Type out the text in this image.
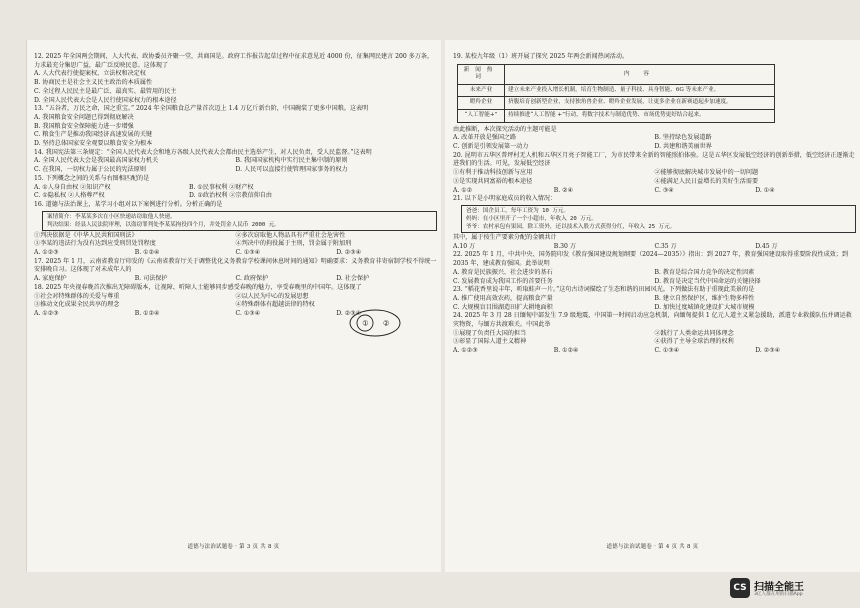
12. 2025 年全国两会期间，人大代表、政协委员齐聚一堂，共商国是。政府工作报告起草过程中征求意见近 4000 份，征集网民建言 200 多万条，力求最充分集思广益，最广泛反映民意。这体现了

A. 人大代表行使提案权、立法权和决定权

B. 协商民主是社会主义民主政治的本质属性

C. 全过程人民民主是最广泛、最真实、最管用的民主

D. 全国人民代表大会是人民行使国家权力的根本途径

13. “五谷者，万民之命，国之重宝。” 2024 年全国粮食总产量首次迈上 1.4 万亿斤新台阶，中国碗装了更多中国粮。这表明

A. 我国粮食安全问题已得到彻底解决

B. 我国粮食安全保障能力进一步增强

C. 粮食生产是推动我国经济高速发展的关键

D. 坚持总体国家安全观要以粮食安全为根本

14. 我国宪法第三条规定：“全国人民代表大会和地方各级人民代表大会都由民主选举产生，对人民负责，受人民监督。”这表明

A. 全国人民代表大会是我国最高国家权力机关	B. 我国国家机构中实行民主集中制的原则
C. 在我国，一切权力属于公民的宪法原则	D. 人民可以直接行使管理国家事务的权力

15. 下列概念之间的关系与右图相匹配的是

A. ①人身自由权 ②知识产权	B. ①民事权利 ②财产权
C. ①隐私权 ②人格尊严权	D. ①政治权利 ②宗教信仰自由

16. 道德与法治课上，某学习小组对以下案例进行分析。分析正确的是

案情简介：李某某多次在小区快递站窃取他人快递。
判决结果：经县人民法院审理，以盗窃罪判处李某某拘役四个月，并处罚金人民币 2000 元。
①判决依据是《中华人民共和国刑法》	②多次窃取他人物品具有严重社会危害性
③李某的违法行为没有达到应受刑罚处罚程度	④判决中的拘役属于主刑，罚金属于附加刑
A. ①②③	B. ①②④	C. ①③④	D. ②③④

17. 2025 年 1 月，云南省教育厅印发的《云南省教育厅关于调整优化义务教育学校课间休息时间的通知》明确要求：义务教育非寄宿制学校不得统一安排晚自习。这体现了对未成年人的

A. 家庭保护	B. 司法保护	C. 政府保护	D. 社会保护

18. 2025 年央视春晚首次推出无障碍版本，让视障、听障人士能够同步感受春晚的魅力，享受春晚里的中国年。这体现了

①社会对特殊群体的关爱与尊重	②以人民为中心的发展思想
③推动文化成果全民共享的理念	④特殊群体有超越法律的特权
A. ①②③	B. ①②④	C. ①③④	D. ②③④
① ②
道德与法治试题卷 · 第 3 页 共 8 页

19. 某校九年级（1）班开展了探究 2025 年两会新闻热词活动。

新闻热词	内 容
未来产业	建立未来产业投入增长机制，培育生物制造、量子科技、具身智能、6G 等未来产业。
瞪羚企业	挤腹培育创新型企业，支持独角兽企业、瞪羚企业发展，让更多企业在新赛道起步加速度。
“人工智能+”	持续推进“人工智能 +”行动，将数字技术与制造优势、市场优势更好结合起来。

由此推断，本次探究活动的主题可能是

A. 改革开放是强国之路	B. 坚持绿色发展道路
C. 创新是引领发展第一动力	D. 共建和谐美丽世界

20. 昆明市五华区普坪村无人机和五华区月亮子智能工厂，为市民带来全新的智能照拍体验。这是五华区发展低空经济的创新举措，低空经济正逐渐走进我们的生活。可见，发展低空经济

①有利于推动科技创新与应用	②能够彻底解决城市发展中的一切问题
③是实现共同富裕的根本途径	④能满足人民日益增长的美好生活需要
A. ①②	B. ②④	C. ③④	D. ①④

21. 以下是小明家庭成员的收入情况：

爸爸：国企员工，每年工资为 10 万元。
妈妈：在小区里开了一个小超市，年收入 20 万元。
爷爷：农村承包有果园，除工资外，还以技术入股方式获得分红，年收入 25 万元。

其中，属于按生产要素分配的金额共计

A.10 万	B.30 万	C.35 万	D.45 万

22. 2025 年 1 月，中共中央、国务院印发《教育强国建设规划纲要（2024—2035）》指出：到 2027 年，教育强国建设取得重要阶段性成效；到 2035 年，建成教育强国。此举说明

A. 教育是民族振兴、社会进步的基石	B. 教育是综合国力竞争的决定性因素
C. 发展教育成为我国工作的首要任务	D. 教育是决定当代中国命运的关键抉择

23. “稻花香里说丰年，听取蛙声一片。”这句古诗词描绘了生态和谐的田园风光。下列做法有助于重现此美景的是

A. 推广使用高效农药，提高粮食产量	B. 建立自然保护区，维护生物多样性
C. 大规模盲目围湖造田扩大耕地面积	D. 加快过度城镇化建设扩大城市规模

24. 2025 年 3 月 28 日缅甸中部发生 7.9 级地震，中国第一时间启动应急机制，向缅甸提供 1 亿元人道主义紧急援助，派遣专业救援队伍并调运救灾物资，与缅方共渡难关。中国此举

①展现了负责任大国的担当	②践行了人类命运共同体理念
③彰显了国际人道主义精神	④获得了主导全球治理的权利
A. ①②③	B. ①②④	C. ①③④	D. ②③④
道德与法治试题卷 · 第 4 页 共 8 页
CS 扫描全能王
3亿人都在用的扫描App
